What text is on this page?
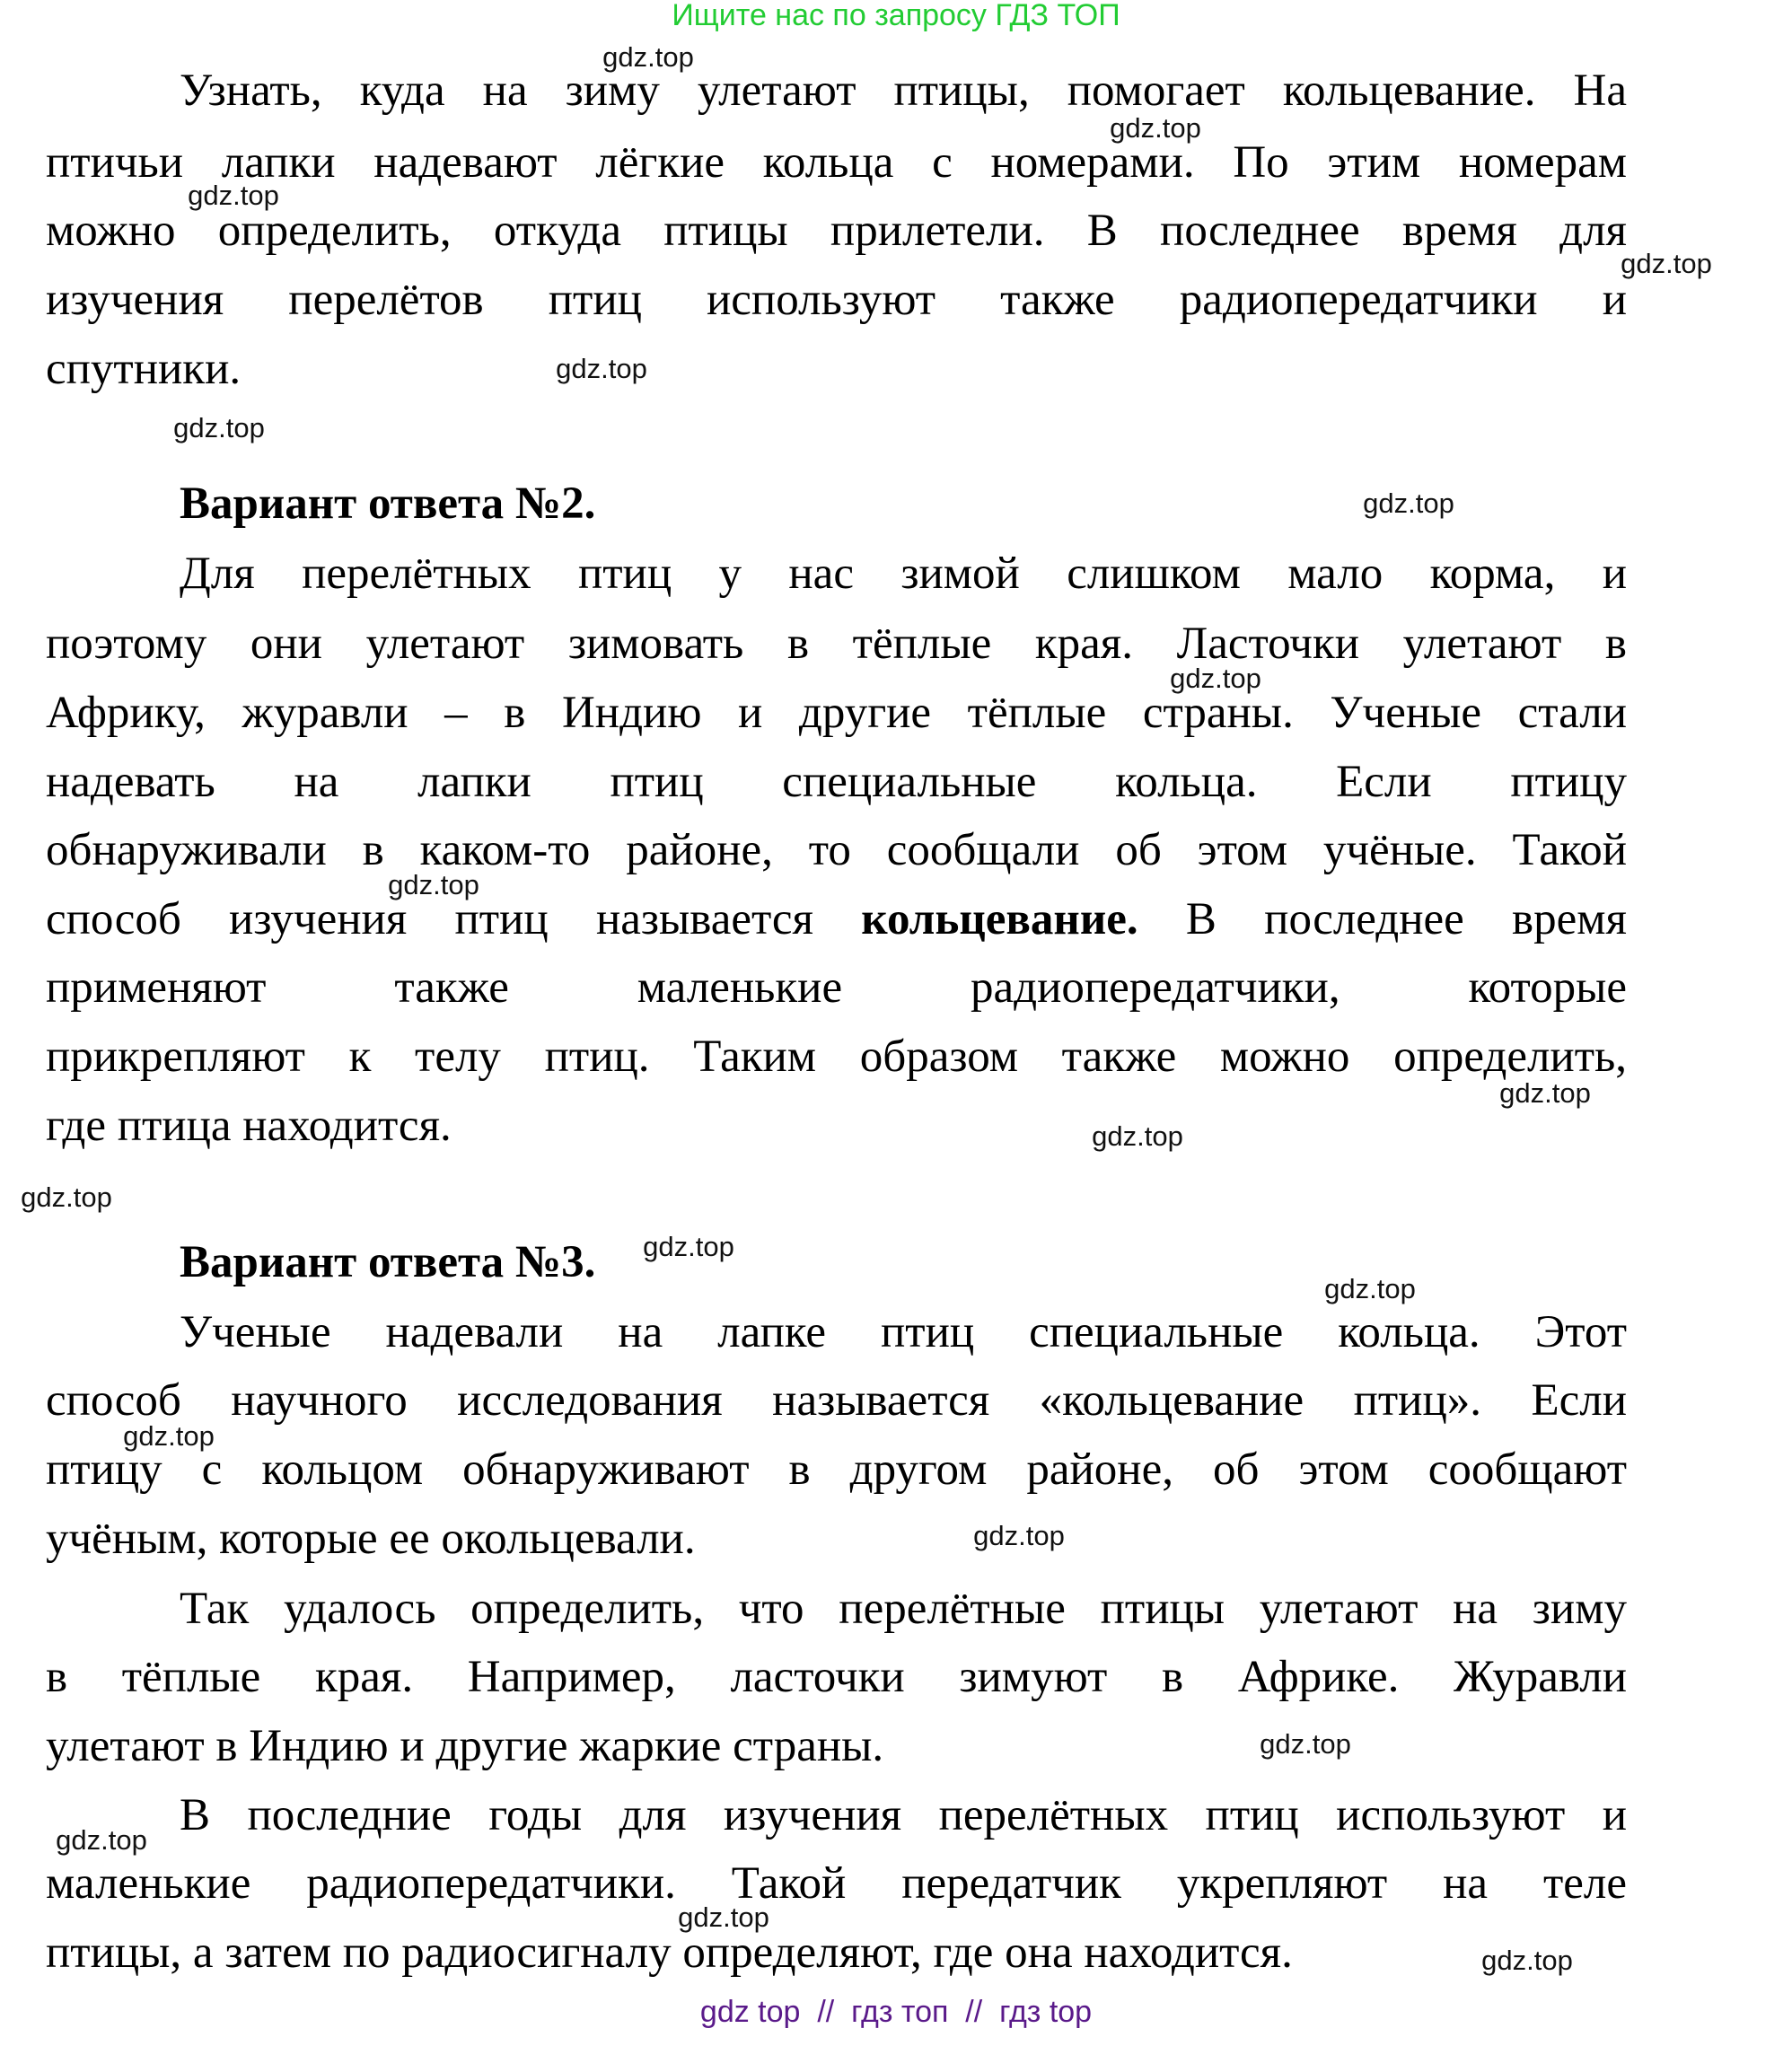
Ищите нас по запросу ГДЗ ТОП
Узнать, куда на зиму улетают птицы, помогает кольцевание. На
птичьи лапки надевают лёгкие кольца с номерами. По этим номерам
можно определить, откуда птицы прилетели. В последнее время для
изучения перелётов птиц используют также радиопередатчики и
спутники.
Вариант ответа №2.
Для перелётных птиц у нас зимой слишком мало корма, и
поэтому они улетают зимовать в тёплые края. Ласточки улетают в
Африку, журавли – в Индию и другие тёплые страны. Ученые стали
надевать на лапки птиц специальные кольца. Если птицу
обнаруживали в каком-то районе, то сообщали об этом учёные. Такой
способ изучения птиц называется кольцевание. В последнее время
применяют также маленькие радиопередатчики, которые
прикрепляют к телу птиц. Таким образом также можно определить,
где птица находится.
Вариант ответа №3.
Ученые надевали на лапке птиц специальные кольца. Этот
способ научного исследования называется «кольцевание птиц». Если
птицу с кольцом обнаруживают в другом районе, об этом сообщают
учёным, которые ее окольцевали.
Так удалось определить, что перелётные птицы улетают на зиму
в тёплые края. Например, ласточки зимуют в Африке. Журавли
улетают в Индию и другие жаркие страны.
В последние годы для изучения перелётных птиц используют и
маленькие радиопередатчики. Такой передатчик укрепляют на теле
птицы, а затем по радиосигналу определяют, где она находится.
gdz.top
gdz.top
gdz.top
gdz.top
gdz.top
gdz.top
gdz.top
gdz.top
gdz.top
gdz.top
gdz.top
gdz.top
gdz.top
gdz.top
gdz.top
gdz.top
gdz.top
gdz.top
gdz.top
gdz.top
gdz top  //  гдз топ  //  гдз top
